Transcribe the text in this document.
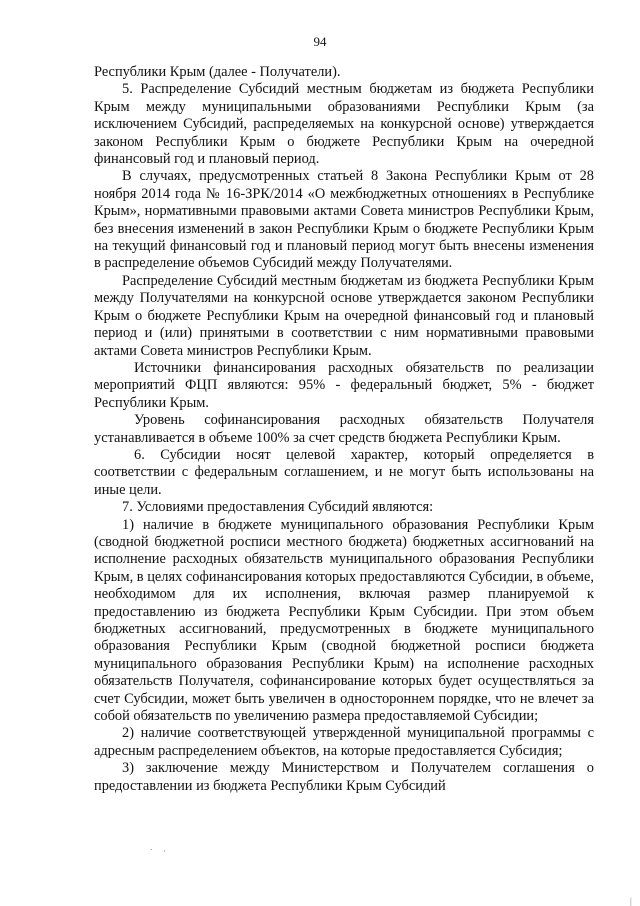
94

Республики Крым (далее - Получатели).

5. Распределение Субсидий местным бюджетам из бюджета Республики Крым между муниципальными образованиями Республики Крым (за исключением Субсидий, распределяемых на конкурсной основе) утверждается законом Республики Крым о бюджете Республики Крым на очередной финансовый год и плановый период.

В случаях, предусмотренных статьей 8 Закона Республики Крым от 28 ноября 2014 года № 16-ЗРК/2014 «О межбюджетных отношениях в Республике Крым», нормативными правовыми актами Совета министров Республики Крым, без внесения изменений в закон Республики Крым о бюджете Республики Крым на текущий финансовый год и плановый период могут быть внесены изменения в распределение объемов Субсидий между Получателями.

Распределение Субсидий местным бюджетам из бюджета Республики Крым между Получателями на конкурсной основе утверждается законом Республики Крым о бюджете Республики Крым на очередной финансовый год и плановый период и (или) принятыми в соответствии с ним нормативными правовыми актами Совета министров Республики Крым.

Источники финансирования расходных обязательств по реализации мероприятий ФЦП являются: 95% - федеральный бюджет, 5% - бюджет Республики Крым.

Уровень софинансирования расходных обязательств Получателя устанавливается в объеме 100% за счет средств бюджета Республики Крым.

6. Субсидии носят целевой характер, который определяется в соответствии с федеральным соглашением, и не могут быть использованы на иные цели.

7. Условиями предоставления Субсидий являются:

1) наличие в бюджете муниципального образования Республики Крым (сводной бюджетной росписи местного бюджета) бюджетных ассигнований на исполнение расходных обязательств муниципального образования Республики Крым, в целях софинансирования которых предоставляются Субсидии, в объеме, необходимом для их исполнения, включая размер планируемой к предоставлению из бюджета Республики Крым Субсидии. При этом объем бюджетных ассигнований, предусмотренных в бюджете муниципального образования Республики Крым (сводной бюджетной росписи бюджета муниципального образования Республики Крым) на исполнение расходных обязательств Получателя, софинансирование которых будет осуществляться за счет Субсидии, может быть увеличен в одностороннем порядке, что не влечет за собой обязательств по увеличению размера предоставляемой Субсидии;

2) наличие соответствующей утвержденной муниципальной программы с адресным распределением объектов, на которые предоставляется Субсидия;

3) заключение между Министерством и Получателем соглашения о предоставлении из бюджета Республики Крым Субсидий

. ·
|
